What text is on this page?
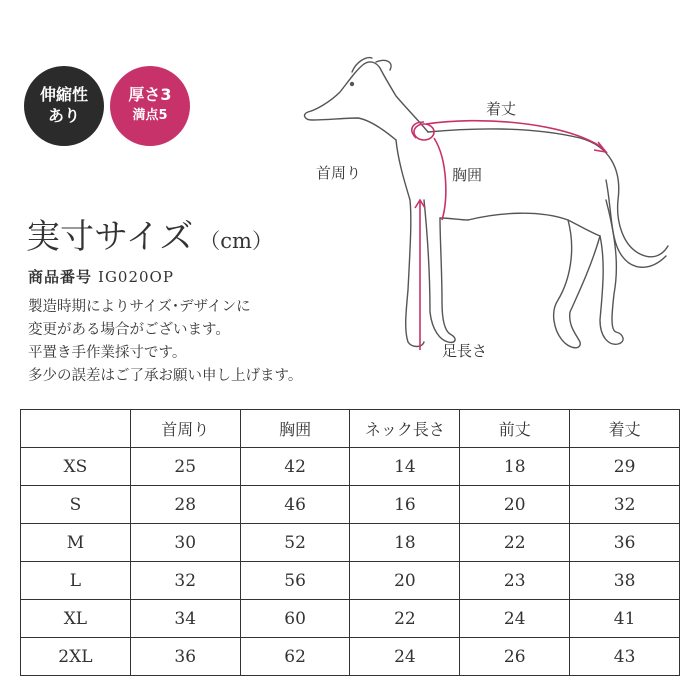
伸縮性
あり
厚さ3
満点5
実寸サイズ （cm）
商品番号 IG020OP
製造時期によりサイズ･デザインに
変更がある場合がございます。
平置き手作業採寸です。
多少の誤差はご了承お願い申し上げます。
着丈
首周り	胸囲
足長さ
	首周り	胸囲	ネック長さ	前丈	着丈
XS	25	42	14	18	29
S	28	46	16	20	32
M	30	52	18	22	36
L	32	56	20	23	38
XL	34	60	22	24	41
2XL	36	62	24	26	43
